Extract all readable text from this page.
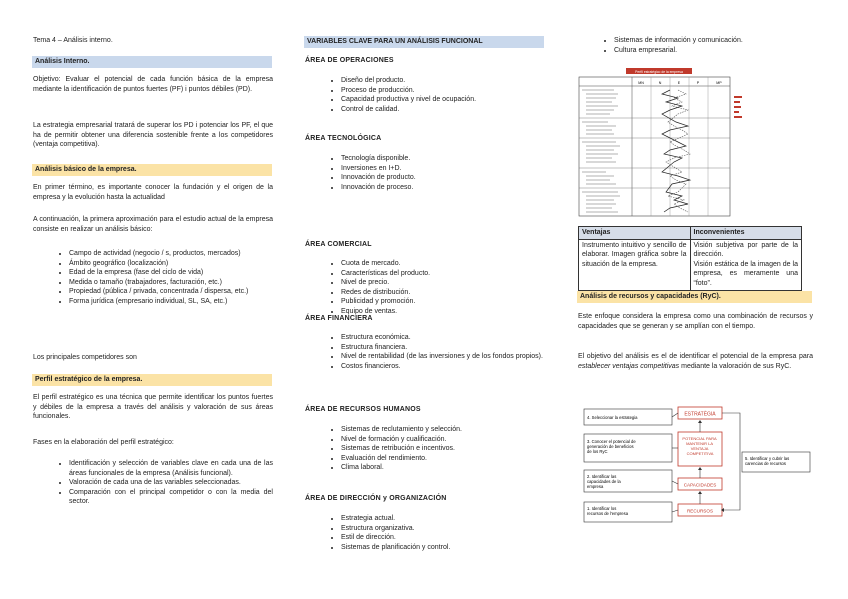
Tema 4 – Análisis interno.

Análisis Interno.

Objetivo: Evaluar el potencial de cada función básica de la empresa mediante la identificación de puntos fuertes (PF) i puntos débiles (PD).

La estrategia empresarial tratará de superar los PD i potenciar los PF, el que ha de permitir obtener una diferencia sostenible frente a los competidores (ventaja competitiva).

Análisis básico de la empresa.

En primer término, es importante conocer la fundación y el origen de la empresa y la evolución hasta la actualidad

A continuación, la primera aproximación para el estudio actual de la empresa consiste en realizar un análisis básico:

• Campo de actividad (negocio / s, productos, mercados)
• Ámbito geográfico (localización)
• Edad de la empresa (fase del ciclo de vida)
• Medida o tamaño (trabajadores, facturación, etc.)
• Propiedad (pública / privada, concentrada / dispersa, etc.)
• Forma jurídica (empresario individual, SL, SA, etc.)

Los principales competidores son

Perfil estratégico de la empresa.

El perfil estratégico es una técnica que permite identificar los puntos fuertes y débiles de la empresa a través del análisis y valoración de sus áreas funcionales.

Fases en la elaboración del perfil estratégico:

• Identificación y selección de variables clave en cada una de las áreas funcionales de la empresa (Análisis funcional).
• Valoración de cada una de las variables seleccionadas.
• Comparación con el principal competidor o con la media del sector.

VARIABLES CLAVE PARA UN ANÁLISIS FUNCIONAL

ÁREA DE OPERACIONES

• Diseño del producto.
• Proceso de producción.
• Capacidad productiva y nivel de ocupación.
• Control de calidad.

ÁREA TECNOLÓGICA

• Tecnología disponible.
• Inversiones en I+D.
• Innovación de producto.
• Innovación de proceso.

ÁREA COMERCIAL

• Cuota de mercado.
• Características del producto.
• Nivel de precio.
• Redes de distribución.
• Publicidad y promoción.
• Equipo de ventas.

ÁREA FINANCIERA

• Estructura económica.
• Estructura financiera.
• Nivel de rentabilidad (de las inversiones y de los fondos propios).
• Costos financieros.

ÁREA DE RECURSOS HUMANOS

• Sistemas de reclutamiento y selección.
• Nivel de formación y cualificación.
• Sistemas de retribución e incentivos.
• Evaluación del rendimiento.
• Clima laboral.

ÁREA DE DIRECCIÓN y ORGANIZACIÓN

• Estrategia actual.
• Estructura organizativa.
• Estil de dirección.
• Sistemas de planificación y control.
• Sistemas de información y comunicación.
• Cultura empresarial.
Perfil estratégico de la empresa
MN	N	E	P	MP
Ventajas	Inconvenientes
Instrumento intuitivo y sencillo de elaborar. Imagen gráfica sobre la situación de la empresa.	Visión subjetiva por parte de la dirección.
Visión estática de la imagen de la empresa, es meramente una “foto”.

Análisis de recursos y capacidades (RyC).

Este enfoque considera la empresa como una combinación de recursos y capacidades que se generan y se amplían con el tiempo.

El objetivo del análisis es el de identificar el potencial de la empresa para establecer ventajas competitivas mediante la valoración de sus RyC.

4. Seleccionar la estrategia
3. Conocer el potencial de generación de beneficios de los RyC
2. Identificar las capacidades de la empresa
1. Identificar los recursos de l'empresa
ESTRATÈGIA
POTENCIAL PARA MANTENIR LA VENTAJA COMPETITIVA
CAPACIDADES
RECURSOS
5. Identificar y cubrir las carencias de recursos
